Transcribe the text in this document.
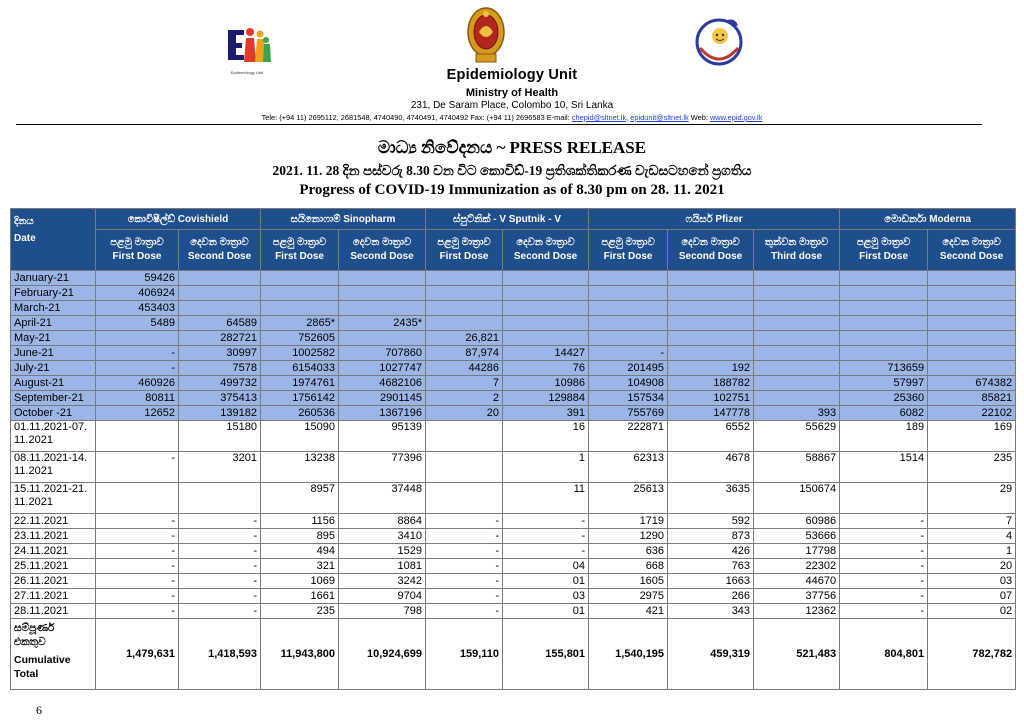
Epidemiology Unit	Epidemiology Unit
Ministry of Health
231, De Saram Place, Colombo 10, Sri Lanka
Tele: (+94 11) 2695112, 2681548, 4740490, 4740491, 4740492 Fax: (+94 11) 2696583 E-mail: chepid@sltnet.lk, epidunit@sltnet.lk Web: www.epid.gov.lk
මාධ්‍ය නිවේදනය ~ PRESS RELEASE
2021. 11. 28 දින පස්වරු 8.30 වන විට කොවිඩ්-19 ප්‍රතිශක්තිකරණ වැඩසටහනේ ප්‍රගතිය
Progress of COVID-19 Immunization as of 8.30 pm on 28. 11. 2021
දිනය
Date	කොවිෂීල්ඩ් Covishield		සයිනොෆාම් Sinopharm		ස්පුට්නික් - V Sputnik - V		ෆයිසර් Pfizer			මොඩර්නා Moderna	
	පළමු මාත්‍රාව
First Dose	දෙවන මාත්‍රාව
Second Dose	පළමු මාත්‍රාව
First Dose	දෙවන මාත්‍රාව
Second Dose	පළමු මාත්‍රාව
First Dose	දෙවන මාත්‍රාව
Second Dose	පළමු මාත්‍රාව
First Dose	දෙවන මාත්‍රාව
Second Dose	තුන්වන මාත්‍රාව
Third dose	පළමු මාත්‍රාව
First Dose	දෙවන මාත්‍රාව
Second Dose
January-21	59426										
February-21	406924										
March-21	453403										
April-21	5489	64589	2865*	2435*							
May-21		282721	752605		26,821						
June-21	-	30997	1002582	707860	87,974	14427	-				
July-21	-	7578	6154033	1027747	44286	76	201495	192		713659	
August-21	460926	499732	1974761	4682106	7	10986	104908	188782		57997	674382
September-21	80811	375413	1756142	2901145	2	129884	157534	102751		25360	85821
October -21	12652	139182	260536	1367196	20	391	755769	147778	393	6082	22102
01.11.2021-07.11.2021		15180	15090	95139		16	222871	6552	55629	189	169
08.11.2021-14.11.2021	-	3201	13238	77396		1	62313	4678	58867	1514	235
15.11.2021-21.11.2021			8957	37448		11	25613	3635	150674		29
22.11.2021	-	-	1156	8864	-	-	1719	592	60986	-	7
23.11.2021	-	-	895	3410	-	-	1290	873	53666	-	4
24.11.2021	-	-	494	1529	-	-	636	426	17798	-	1
25.11.2021	-	-	321	1081	-	04	668	763	22302	-	20
26.11.2021	-	-	1069	3242	-	01	1605	1663	44670	-	03
27.11.2021	-	-	1661	9704	-	03	2975	266	37756	-	07
28.11.2021	-	-	235	798	-	01	421	343	12362	-	02

සම්පූර්ණ එකතුව
Cumulative Total	1,479,631	1,418,593	11,943,800	10,924,699	159,110	155,801	1,540,195	459,319	521,483	804,801	782,782
6
